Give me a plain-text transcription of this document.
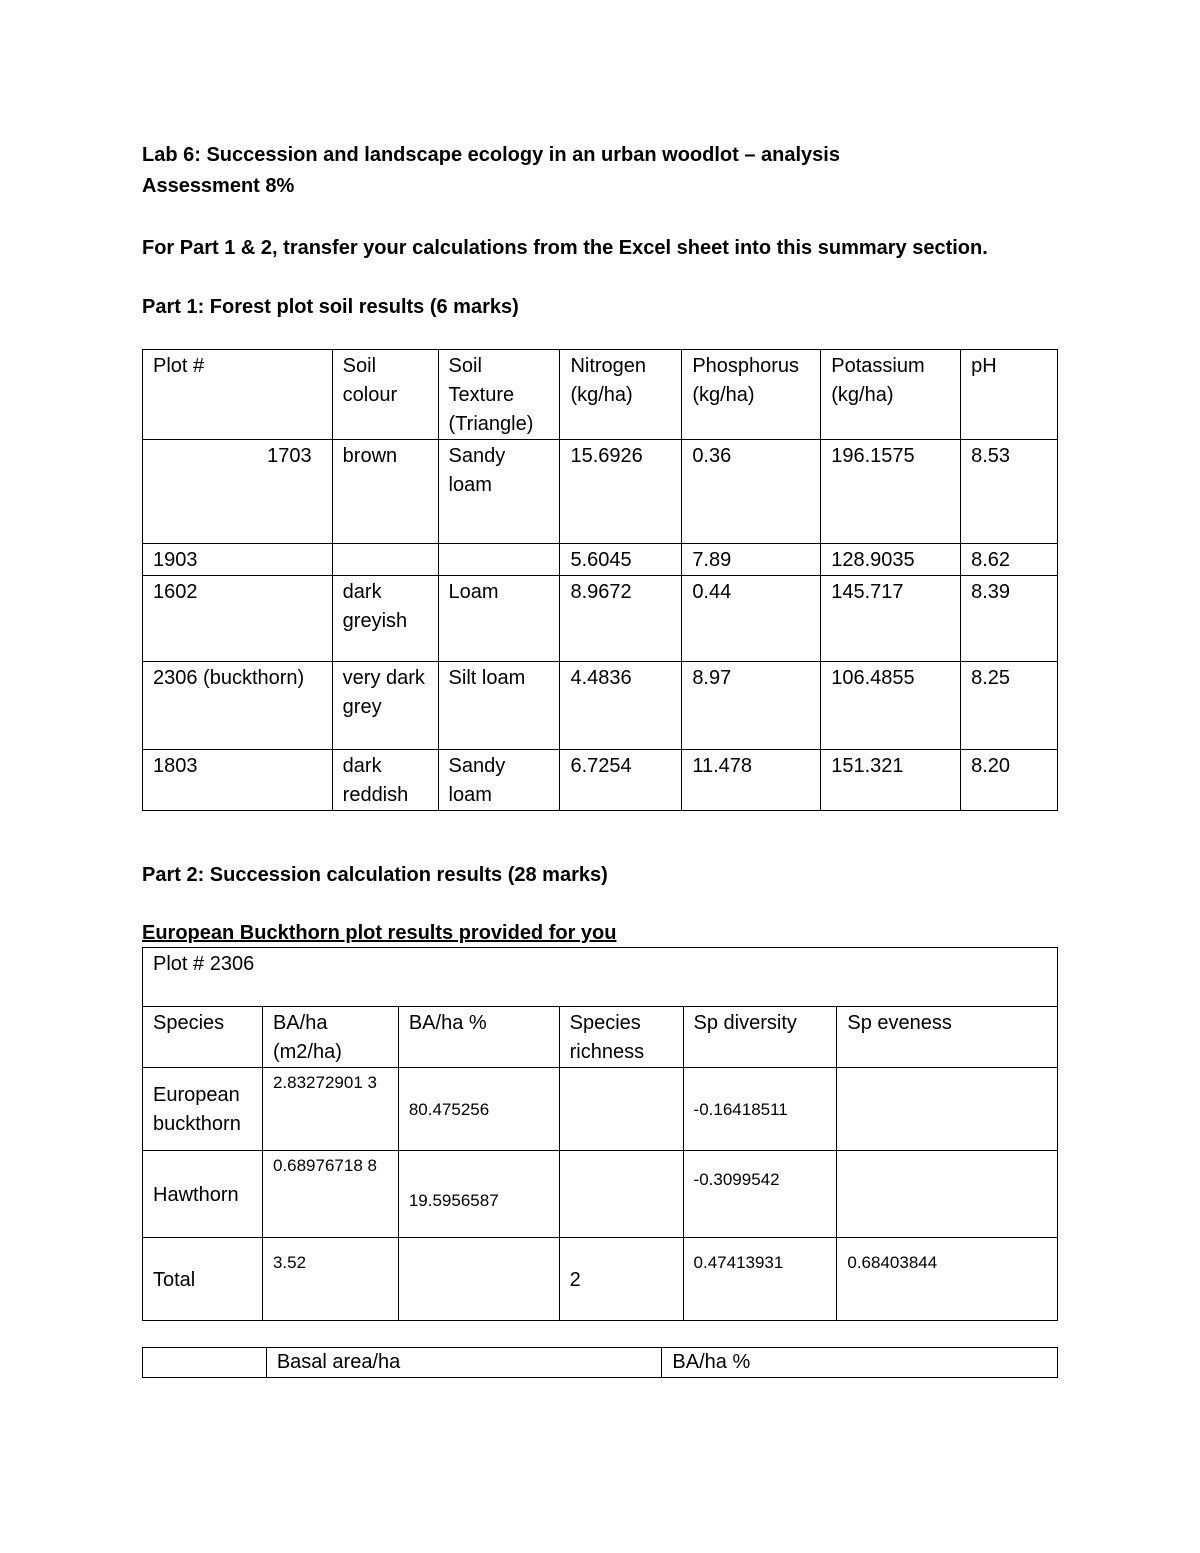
Lab 6: Succession and landscape ecology in an urban woodlot – analysis

Assessment 8%

For Part 1 & 2, transfer your calculations from the Excel sheet into this summary section.

Part 1: Forest plot soil results (6 marks)

Plot #	Soil colour	Soil Texture (Triangle)	Nitrogen (kg/ha)	Phosphorus (kg/ha)	Potassium (kg/ha)	pH
1703	brown	Sandy loam	15.6926	0.36	196.1575	8.53
1903			5.6045	7.89	128.9035	8.62
1602	dark greyish	Loam	8.9672	0.44	145.717	8.39
2306 (buckthorn)	very dark grey	Silt loam	4.4836	8.97	106.4855	8.25
1803	dark reddish	Sandy loam	6.7254	11.478	151.321	8.20

Part 2: Succession calculation results (28 marks)

European Buckthorn plot results provided for you

Plot # 2306					
Species	BA/ha (m2/ha)	BA/ha %	Species richness	Sp diversity	Sp eveness
European buckthorn	2.83272901 3	80.475256		-0.16418511	
Hawthorn	0.68976718 8	19.5956587		-0.3099542	
Total	3.52		2	0.47413931	0.68403844
	Basal area/ha	BA/ha %
